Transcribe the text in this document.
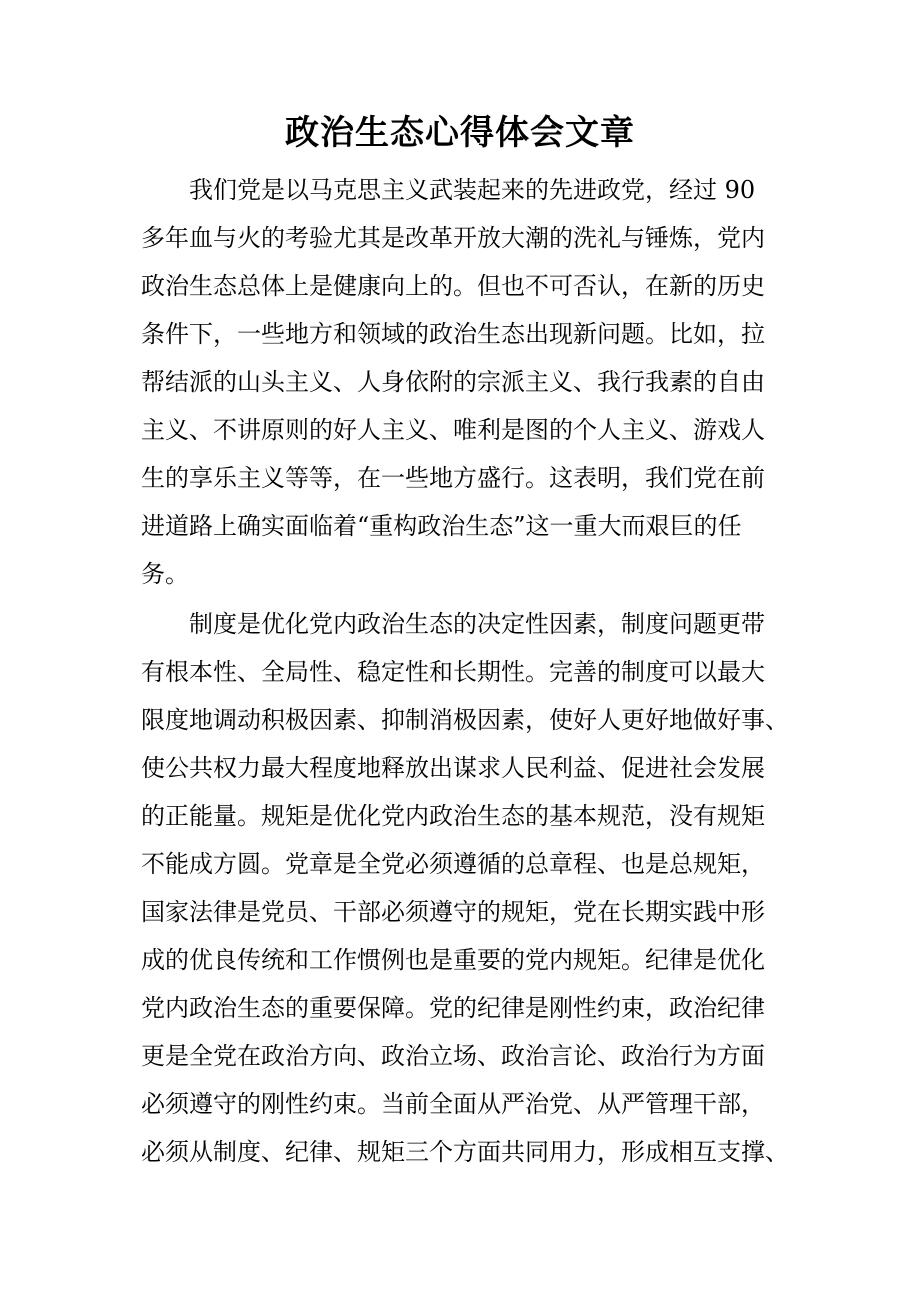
政治生态心得体会文章

我们党是以马克思主义武装起来的先进政党，经过 90

多年血与火的考验尤其是改革开放大潮的洗礼与锤炼，党内

政治生态总体上是健康向上的。但也不可否认，在新的历史

条件下，一些地方和领域的政治生态出现新问题。比如，拉

帮结派的山头主义、人身依附的宗派主义、我行我素的自由

主义、不讲原则的好人主义、唯利是图的个人主义、游戏人

生的享乐主义等等，在一些地方盛行。这表明，我们党在前

进道路上确实面临着“重构政治生态”这一重大而艰巨的任

务。

制度是优化党内政治生态的决定性因素，制度问题更带

有根本性、全局性、稳定性和长期性。完善的制度可以最大

限度地调动积极因素、抑制消极因素，使好人更好地做好事、

使公共权力最大程度地释放出谋求人民利益、促进社会发展

的正能量。规矩是优化党内政治生态的基本规范，没有规矩

不能成方圆。党章是全党必须遵循的总章程、也是总规矩，

国家法律是党员、干部必须遵守的规矩，党在长期实践中形

成的优良传统和工作惯例也是重要的党内规矩。纪律是优化

党内政治生态的重要保障。党的纪律是刚性约束，政治纪律

更是全党在政治方向、政治立场、政治言论、政治行为方面

必须遵守的刚性约束。当前全面从严治党、从严管理干部，

必须从制度、纪律、规矩三个方面共同用力，形成相互支撑、
